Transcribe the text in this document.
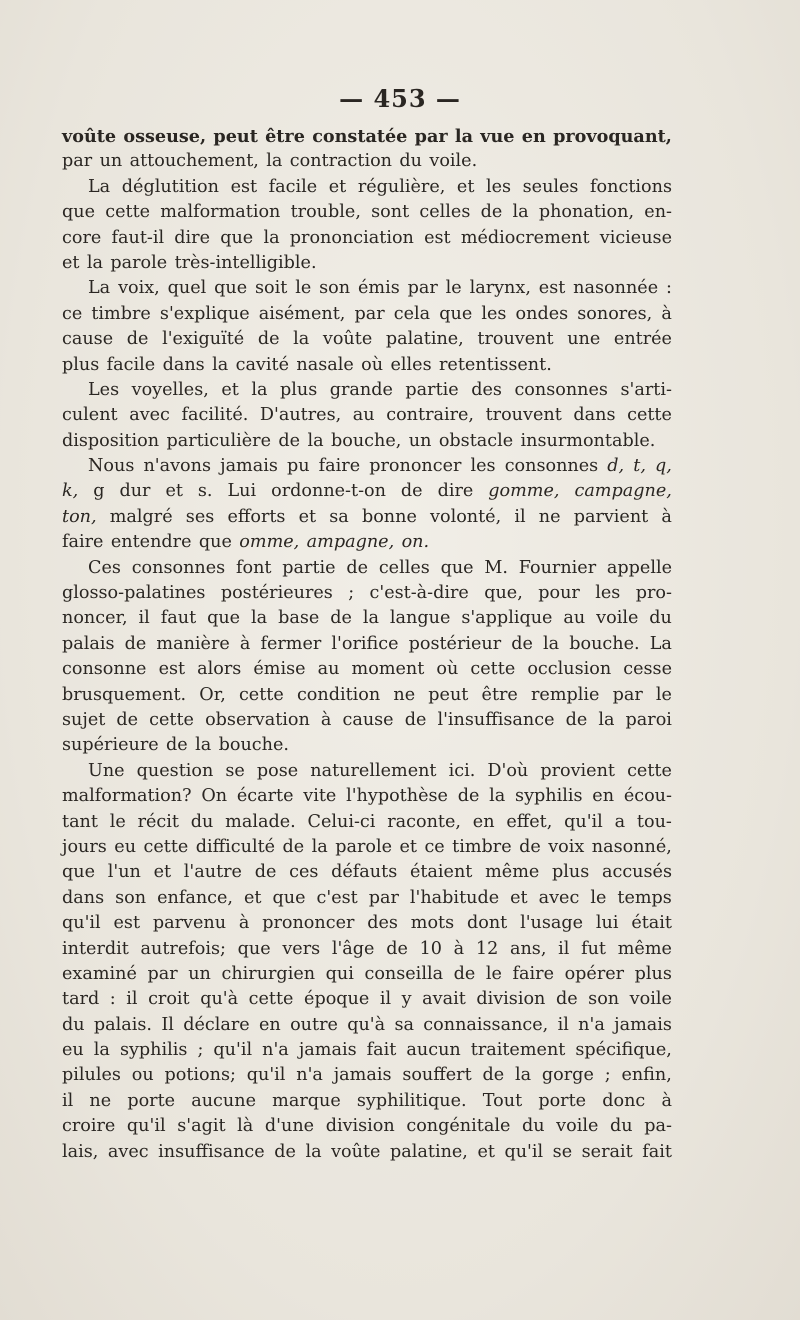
— 453 —
voûte osseuse, peut être constatée par la vue en provoquant,
par un attouchement, la contraction du voile.
La déglutition est facile et régulière, et les seules fonctions
que cette malformation trouble, sont celles de la phonation, en-
core faut-il dire que la prononciation est médiocrement vicieuse
et la parole très-intelligible.
La voix, quel que soit le son émis par le larynx, est nasonnée :
ce timbre s'explique aisément, par cela que les ondes sonores, à
cause de l'exiguïté de la voûte palatine, trouvent une entrée
plus facile dans la cavité nasale où elles retentissent.
Les voyelles, et la plus grande partie des consonnes s'arti-
culent avec facilité. D'autres, au contraire, trouvent dans cette
disposition particulière de la bouche, un obstacle insurmontable.
Nous n'avons jamais pu faire prononcer les consonnes d, t, q,
k, g dur et s. Lui ordonne-t-on de dire gomme, campagne,
ton, malgré ses efforts et sa bonne volonté, il ne parvient à
faire entendre que omme, ampagne, on.
Ces consonnes font partie de celles que M. Fournier appelle
glosso-palatines postérieures ; c'est-à-dire que, pour les pro-
noncer, il faut que la base de la langue s'applique au voile du
palais de manière à fermer l'orifice postérieur de la bouche. La
consonne est alors émise au moment où cette occlusion cesse
brusquement. Or, cette condition ne peut être remplie par le
sujet de cette observation à cause de l'insuffisance de la paroi
supérieure de la bouche.
Une question se pose naturellement ici. D'où provient cette
malformation? On écarte vite l'hypothèse de la syphilis en écou-
tant le récit du malade. Celui-ci raconte, en effet, qu'il a tou-
jours eu cette difficulté de la parole et ce timbre de voix nasonné,
que l'un et l'autre de ces défauts étaient même plus accusés
dans son enfance, et que c'est par l'habitude et avec le temps
qu'il est parvenu à prononcer des mots dont l'usage lui était
interdit autrefois; que vers l'âge de 10 à 12 ans, il fut même
examiné par un chirurgien qui conseilla de le faire opérer plus
tard : il croit qu'à cette époque il y avait division de son voile
du palais. Il déclare en outre qu'à sa connaissance, il n'a jamais
eu la syphilis ; qu'il n'a jamais fait aucun traitement spécifique,
pilules ou potions; qu'il n'a jamais souffert de la gorge ; enfin,
il ne porte aucune marque syphilitique. Tout porte donc à
croire qu'il s'agit là d'une division congénitale du voile du pa-
lais, avec insuffisance de la voûte palatine, et qu'il se serait fait
